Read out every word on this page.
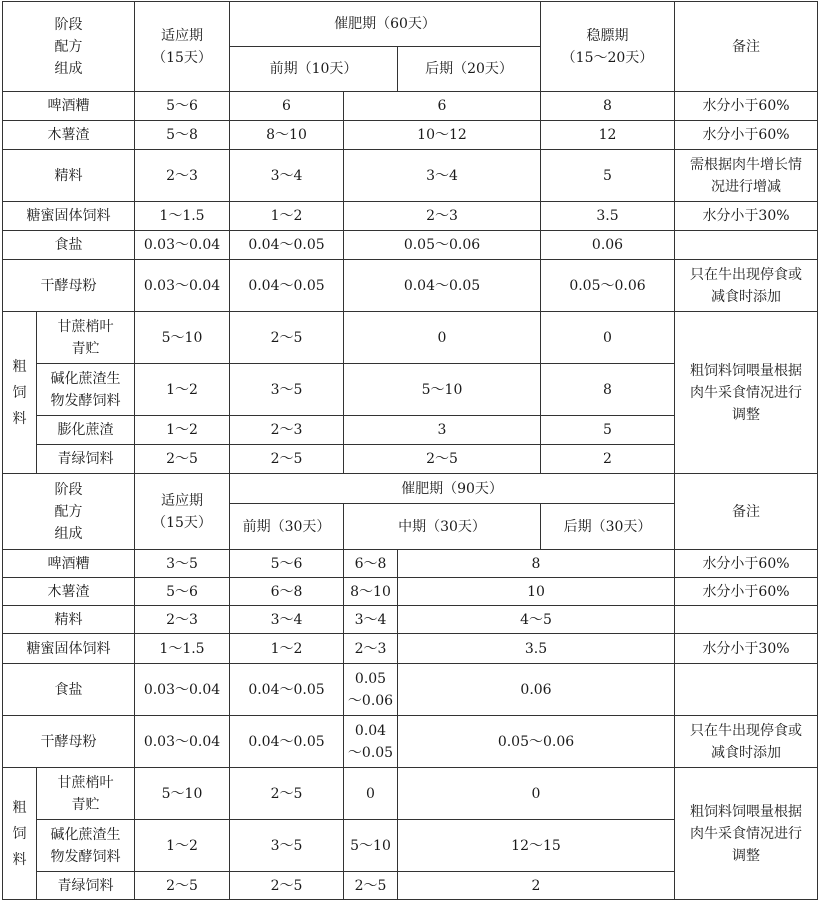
阶段
配方
组成		适应期
（15天）	催肥期（60天）			稳膘期
（15～20天）	备注
			前期（10天）		后期（20天）		
啤酒糟		5～6	6	6		8	水分小于60%
木薯渣		5～8	8～10	10～12		12	水分小于60%
精料		2～3	3～4	3～4		5	需根据肉牛增长情
况进行增减
糖蜜固体饲料		1～1.5	1～2	2～3		3.5	水分小于30%
食盐		0.03～0.04	0.04～0.05	0.05～0.06		0.06	
干酵母粉		0.03～0.04	0.04～0.05	0.04～0.05		0.05～0.06	只在牛出现停食或
减食时添加
粗
饲
料	甘蔗梢叶
青贮	5～10	2～5	0		0	粗饲料饲喂量根据
肉牛采食情况进行
调整
	碱化蔗渣生
物发酵饲料	1～2	3～5	5～10		8	
	膨化蔗渣	1～2	2～3	3		5	
	青绿饲料	2～5	2～5	2～5		2	
阶段
配方
组成		适应期
（15天）	催肥期（90天）				备注
			前期（30天）	中期（30天）		后期（30天）	
啤酒糟		3～5	5～6	6～8	8		水分小于60%
木薯渣		5～6	6～8	8～10	10		水分小于60%
精料		2～3	3～4	3～4	4～5		
糖蜜固体饲料		1～1.5	1～2	2～3	3.5		水分小于30%
食盐		0.03～0.04	0.04～0.05	0.05
～0.06	0.06		
干酵母粉		0.03～0.04	0.04～0.05	0.04
～0.05	0.05～0.06		只在牛出现停食或
减食时添加
粗
饲
料	甘蔗梢叶
青贮	5～10	2～5	0	0		粗饲料饲喂量根据
肉牛采食情况进行
调整
	碱化蔗渣生
物发酵饲料	1～2	3～5	5～10	12～15		
	青绿饲料	2～5	2～5	2～5	2		
